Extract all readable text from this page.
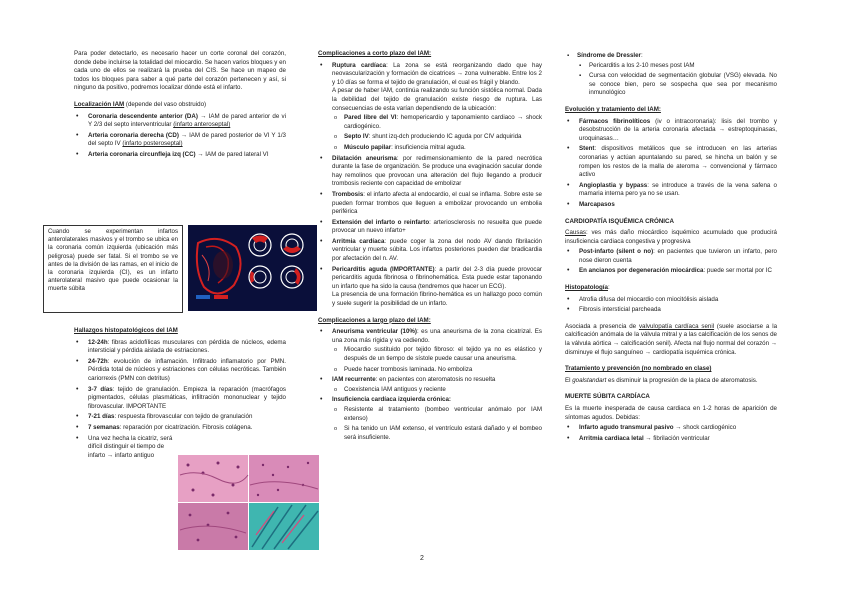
Para poder detectarlo, es necesario hacer un corte coronal del corazón, donde debe incluirse la totalidad del miocardio. Se hacen varios bloques y en cada uno de ellos se realizará la prueba del CIS. Se hace un mapeo de todos los bloques para saber a qué parte del corazón pertenecen y así, si ninguno da positivo, podremos localizar dónde está el infarto.

Localización IAM (depende del vaso obstruido)
• Coronaria descendente anterior (DA) → IAM de pared anterior de vi Y 2/3 del septo interventricular (infarto anteroseptal)
• Arteria coronaria derecha (CD) → IAM de pared posterior de VI Y 1/3 del septo IV (infarto posteroseptal)
• Arteria coronaria circunfleja izq (CC) → IAM de pared lateral VI
Cuando se experimentan infartos anterolaterales masivos y el trombo se ubica en la coronaria común izquierda (ubicación más peligrosa) puede ser fatal. Si el trombo se ve antes de la división de las ramas, en el inicio de la coronaria izquierda (CI), es un infarto anterolateral masivo que puede ocasionar la muerte súbita
Hallazgos histopatológicos del IAM
• 12-24h: fibras acidofílicas musculares con pérdida de núcleos, edema intersticial y pérdida aislada de estriaciones.
• 24-72h: evolución de inflamación. Infiltrado inflamatorio por PMN. Pérdida total de núcleos y estriaciones con células necróticas. También cariorrexis (PMN con detritus)
• 3-7 días: tejido de granulación. Empieza la reparación (macrófagos pigmentados, células plasmáticas, infiltración mononuclear y tejido fibrovascular. IMPORTANTE
• 7-21 días: respuesta fibrovascular con tejido de granulación
• 7 semanas: reparación por cicatrización. Fibrosis colágena.
• Una vez hecha la cicatriz, será difícil distinguir el tiempo de infarto → infarto antiguo
Complicaciones a corto plazo del IAM:
• Ruptura cardíaca: La zona se está reorganizando dado que hay neovascularización y formación de cicatrices → zona vulnerable. Entre los 2 y 10 días se forma el tejido de granulación, el cual es frágil y blando.
A pesar de haber IAM, continúa realizando su función sistólica normal. Dada la debilidad del tejido de granulación existe riesgo de ruptura. Las consecuencias de esta varían dependiendo de la ubicación:
o Pared libre del VI: hemopericardio y taponamiento cardiaco → shock cardiogénico.
o Septo IV: shunt izq-dch produciendo IC aguda por CIV adquirida
o Músculo papilar: insuficiencia mitral aguda.
• Dilatación aneurisma: por redimensionamiento de la pared necrótica durante la fase de organización. Se produce una evaginación sacular donde hay remolinos que provocan una alteración del flujo llegando a producir trombosis reciente con capacidad de embolizar
• Trombosis: el infarto afecta al endocardio, el cual se inflama. Sobre este se pueden formar trombos que lleguen a embolizar provocando un embolia periférica
• Extensión del infarto o reinfarto: arteriosclerosis no resuelta que puede provocar un nuevo infarto+
• Arritmia cardíaca: puede coger la zona del nodo AV dando fibrilación ventricular y muerte súbita. Los infartos posteriores pueden dar bradicardia por afectación del n. AV.
• Pericarditis aguda (IMPORTANTE): a partir del 2-3 día puede provocar pericarditis aguda fibrinosa o fibrinohemática. Esta puede estar taponando un infarto que ha sido la causa (tendremos que hacer un ECG).
La presencia de una formación fibrino-hemática es un hallazgo poco común y suele sugerir la posibilidad de un infarto.
Complicaciones a largo plazo del IAM:
• Aneurisma ventricular (10%): es una aneurisma de la zona cicatrizal. Es una zona más rígida y va cediendo.
o Miocardio sustituido por tejido fibroso: el tejido ya no es elástico y después de un tiempo de sístole puede causar una aneurisma.
o Puede hacer trombosis laminada. No emboliza
• IAM recurrente: en pacientes con ateromatosis no resuelta
o Coexistencia IAM antiguos y reciente
• Insuficiencia cardíaca izquierda crónica:
o Resistente al tratamiento (bombeo ventricular anómalo por IAM extenso)
o Si ha tenido un IAM extenso, el ventrículo estará dañado y el bombeo será insuficiente.
▪ Síndrome de Dressler:
▪ Pericarditis a los 2-10 meses post IAM
▪ Cursa con velocidad de segmentación globular (VSG) elevada. No se conoce bien, pero se sospecha que sea por mecanismo inmunológico
Evolución y tratamiento del IAM:
• Fármacos fibrinolíticos (iv o intracoronaria): lisis del trombo y desobstrucción de la arteria coronaria afectada → estreptoquinasas, uroquinasas…
• Stent: dispositivos metálicos que se introducen en las arterias coronarias y actúan apuntalando su pared, se hincha un balón y se rompen los restos de la malla de ateroma → convencional y fármaco activo
• Angioplastia y bypass: se introduce a través de la vena safena o mamaria interna pero ya no se usan.
• Marcapasos
CARDIOPATÍA ISQUÉMICA CRÓNICA

Causas: ves más daño miocárdico isquémico acumulado que producirá insuficiencia cardiaca congestiva y progresiva

• Post-infarto (silent o no): en pacientes que tuvieron un infarto, pero nose dieron cuenta
• En ancianos por degeneración miocárdica: puede ser mortal por IC
Histopatología:
• Atrofia difusa del miocardio con miocitólisis aislada
• Fibrosis intersticial parcheada

Asociada a presencia de valvulopatía cardíaca senil (suele asociarse a la calcificación anómala de la válvula mitral y a las calcificación de los senos de la válvula aórtica → calcificación senil). Afecta nal flujo normal del corazón → disminuye el flujo sanguíneo → cardiopatía isquémica crónica.

Tratamiento y prevención (no nombrado en clase)

El goalstandart es disminuir la progresión de la placa de ateromatosis.

MUERTE SÚBITA CARDÍACA

Es la muerte inesperada de causa cardiaca en 1-2 horas de aparición de síntomas agudos. Debidas:

• Infarto agudo transmural pasivo → shock cardiogénico
• Arritmia cardiaca letal → fibrilación ventricular
2
